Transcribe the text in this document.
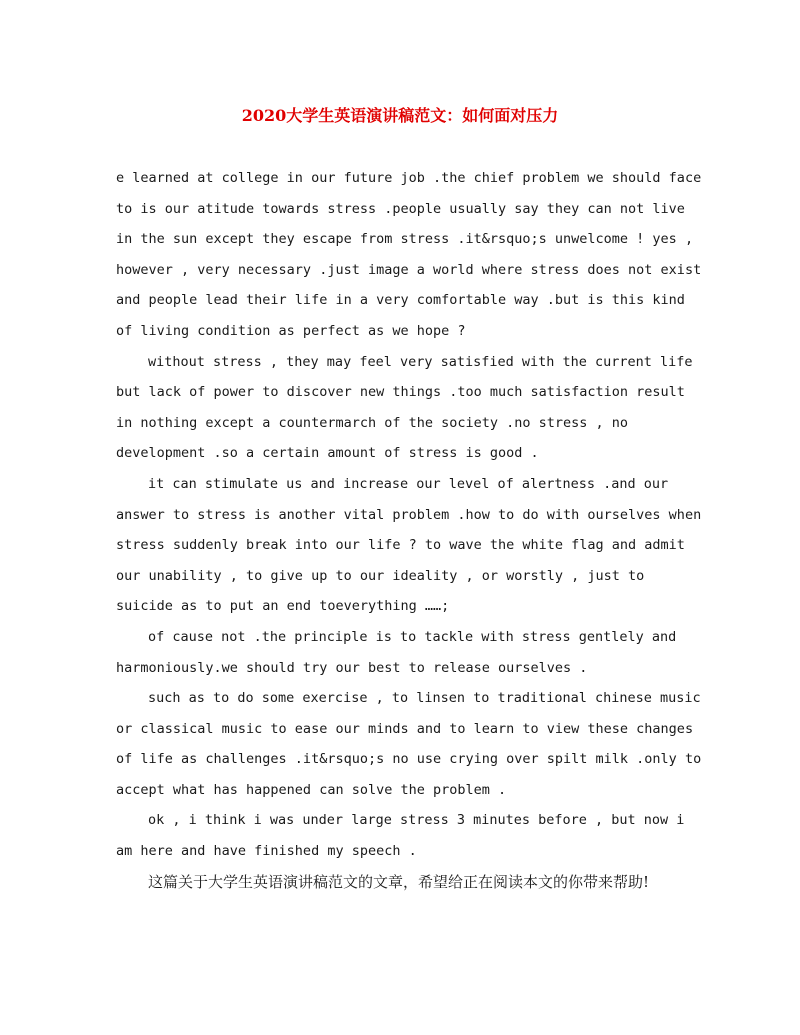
2020大学生英语演讲稿范文：如何面对压力
e learned at college in our future job .the chief problem we should face
to is our atitude towards stress .people usually say they can not live
in the sun except they escape from stress .it&rsquo;s unwelcome ! yes ,
however , very necessary .just image a world where stress does not exist
and people lead their life in a very comfortable way .but is this kind
of living condition as perfect as we hope ?
without stress , they may feel very satisfied with the current life
but lack of power to discover new things .too much satisfaction result
in nothing except a countermarch of the society .no stress , no
development .so a certain amount of stress is good .
it can stimulate us and increase our level of alertness .and our
answer to stress is another vital problem .how to do with ourselves when
stress suddenly break into our life ? to wave the white flag and admit
our unability , to give up to our ideality , or worstly , just to
suicide as to put an end toeverything ……;
of cause not .the principle is to tackle with stress gentlely and
harmoniously.we should try our best to release ourselves .
such as to do some exercise , to linsen to traditional chinese music
or classical music to ease our minds and to learn to view these changes
of life as challenges .it&rsquo;s no use crying over spilt milk .only to
accept what has happened can solve the problem .
ok , i think i was under large stress 3 minutes before , but now i
am here and have finished my speech .
这篇关于大学生英语演讲稿范文的文章，希望给正在阅读本文的你带来帮助!
